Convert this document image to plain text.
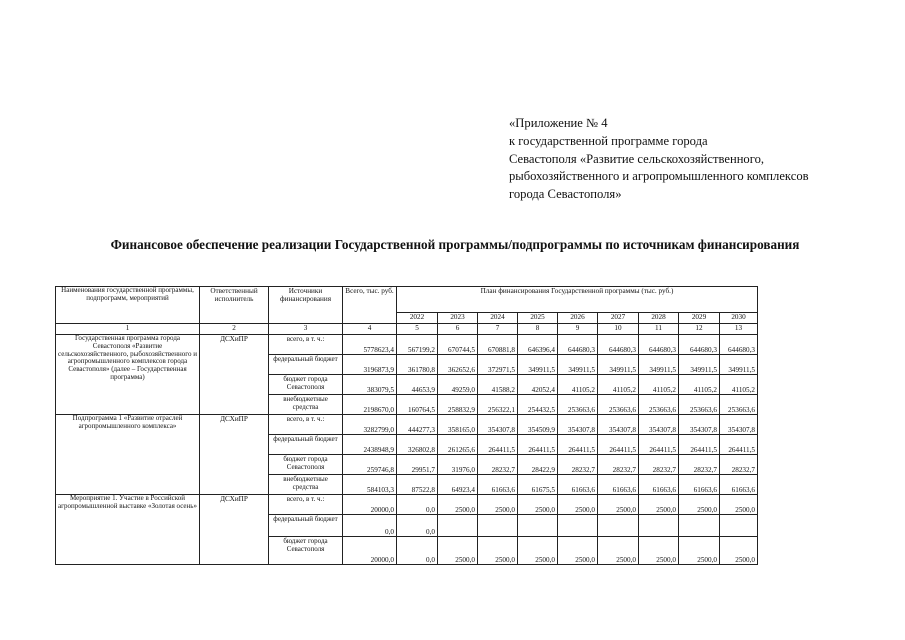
«Приложение № 4
к государственной программе города
Севастополя «Развитие сельскохозяйственного,
рыбохозяйственного и агропромышленного комплексов
города Севастополя»
Финансовое обеспечение реализации Государственной программы/подпрограммы по источникам финансирования
Наименования государственной программы, подпрограмм, мероприятий	Ответственный исполнитель	Источники финансирования	Всего, тыс. руб.	План финансирования Государственной программы (тыс. руб.)								
				2022	2023	2024	2025	2026	2027	2028	2029	2030
1	2	3	4	5	6	7	8	9	10	11	12	13
Государственная программа города Севастополя «Развитие сельскохозяйственного, рыбохозяйственного и агропромышленного комплексов города Севастополя» (далее – Государственная программа)	ДСХиПР	всего, в т. ч.:	5778623,4	567199,2	670744,5	670881,8	646396,4	644680,3	644680,3	644680,3	644680,3	644680,3
		федеральный бюджет	3196873,9	361780,8	362652,6	372971,5	349911,5	349911,5	349911,5	349911,5	349911,5	349911,5
		бюджет города Севастополя	383079,5	44653,9	49259,0	41588,2	42052,4	41105,2	41105,2	41105,2	41105,2	41105,2
		внебюджетные средства	2198670,0	160764,5	258832,9	256322,1	254432,5	253663,6	253663,6	253663,6	253663,6	253663,6
Подпрограмма 1 «Развитие отраслей агропромышленного комплекса»	ДСХиПР	всего, в т. ч.:	3282799,0	444277,3	358165,0	354307,8	354509,9	354307,8	354307,8	354307,8	354307,8	354307,8
		федеральный бюджет	2438948,9	326802,8	261265,6	264411,5	264411,5	264411,5	264411,5	264411,5	264411,5	264411,5
		бюджет города Севастополя	259746,8	29951,7	31976,0	28232,7	28422,9	28232,7	28232,7	28232,7	28232,7	28232,7
		внебюджетные средства	584103,3	87522,8	64923,4	61663,6	61675,5	61663,6	61663,6	61663,6	61663,6	61663,6
Мероприятие 1. Участие в Российской агропромышленной выставке «Золотая осень»	ДСХиПР	всего, в т. ч.:	20000,0	0,0	2500,0	2500,0	2500,0	2500,0	2500,0	2500,0	2500,0	2500,0
		федеральный бюджет	0,0	0,0								
		бюджет города Севастополя	20000,0	0,0	2500,0	2500,0	2500,0	2500,0	2500,0	2500,0	2500,0	2500,0
